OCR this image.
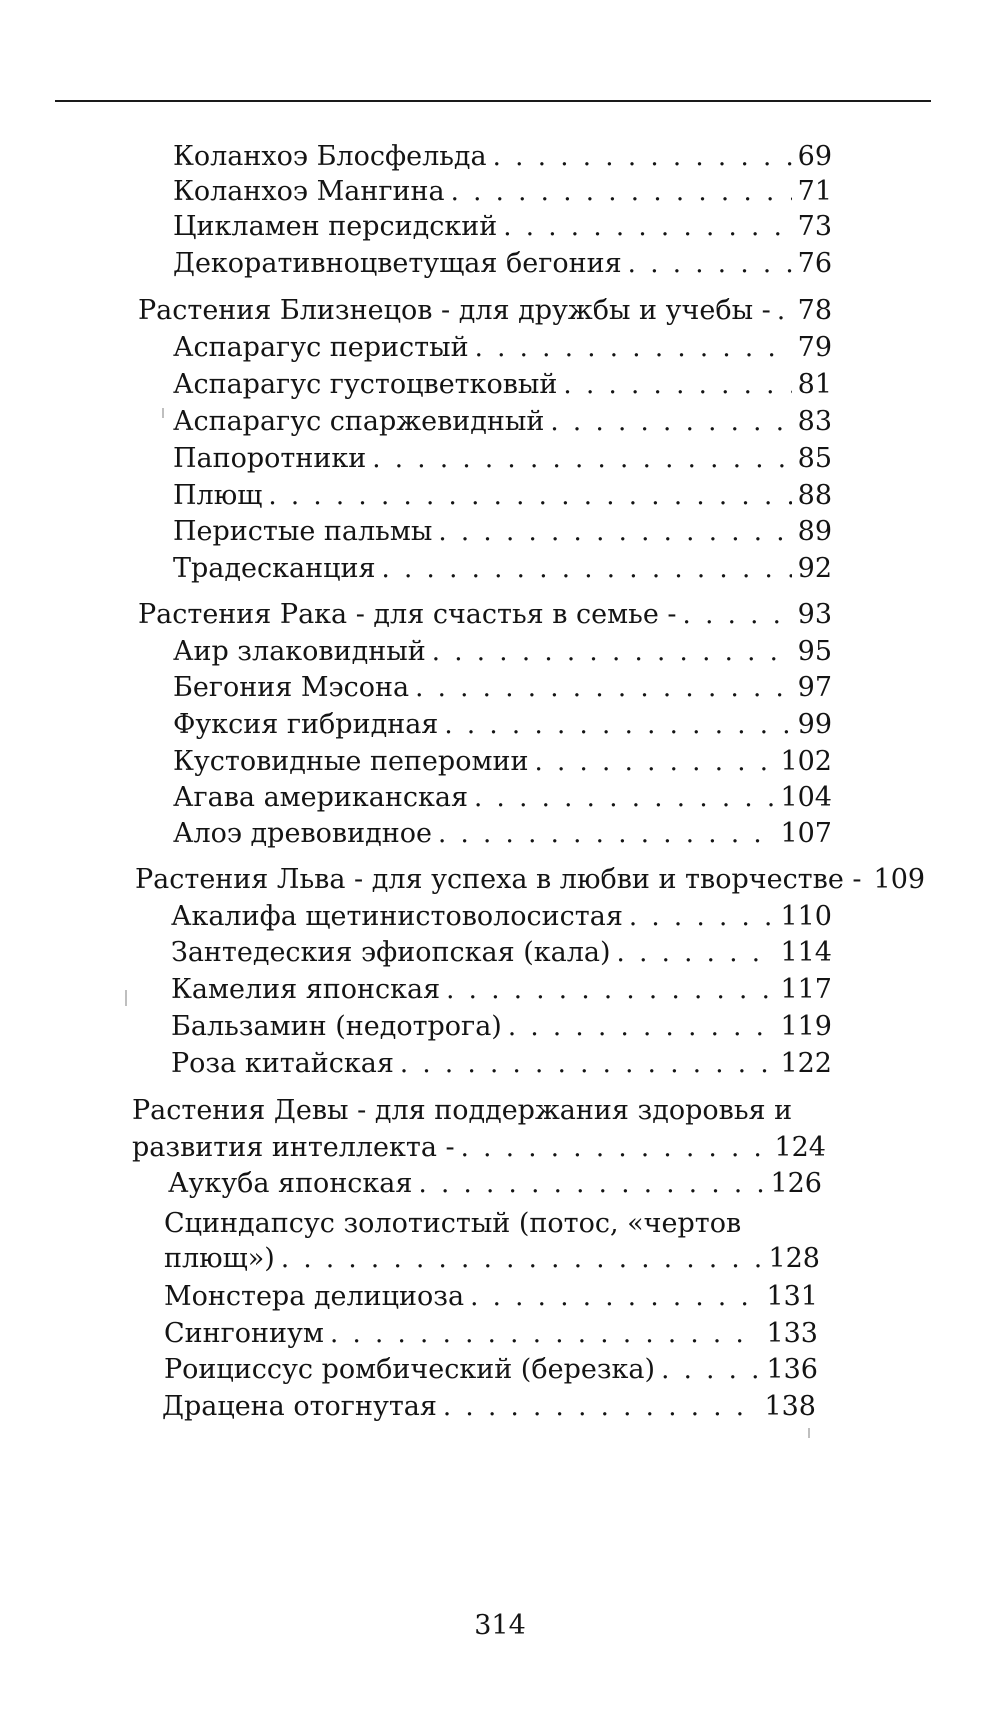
Коланхоэ Блосфельда . . .	69
Коланхоэ Мангина . . .	71
Цикламен персидский . . .	73
Декоративноцветущая бегония . . .	76
Растения Близнецов - для дружбы и учебы - . . . 78
Аспарагус перистый . . .	79
Аспарагус густоцветковый . . .	81
Аспарагус спаржевидный . . .	83
Папоротники . . .	85
Плющ . . .	88
Перистые пальмы . . .	89
Традесканция . . .	92
Растения Рака - для счастья в семье - . . .	93
Аир злаковидный . . .	95
Бегония Мэсона . . .	97
Фуксия гибридная . . .	99
Кустовидные пеперомии . . .	102
Агава американская . . .	104
Алоэ древовидное . . .	107
Растения Льва - для успеха в любви и творчестве - 109
Акалифа щетинистоволосистая . . .	110
Зантедеския эфиопская (кала) . . .	114
Камелия японская . . .	117
Бальзамин (недотрога) . . .	119
Роза китайская . . .	122
Растения Девы - для поддержания здоровья и
развития интеллекта - . . .	124
Аукуба японская . . .	126
Сциндапсус золотистый (потос, «чертов
плющ») . . .	128
Монстера делициоза . . .	131
Сингониум . . .	133
Роициссус ромбический (березка) . . .	136
Драцена отогнутая . . .	138
314
